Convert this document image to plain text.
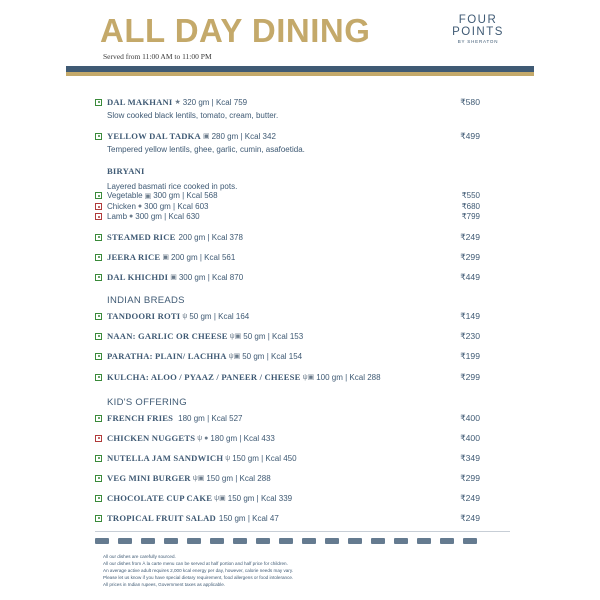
ALL DAY DINING
Served from 11:00 AM to 11:00 PM
FOUR
POINTS
BY SHERATON
DAL MAKHANI ★ 320 gm | Kcal 759
Slow cooked black lentils, tomato, cream, butter.
₹580
YELLOW DAL TADKA ▣ 280 gm | Kcal 342
Tempered yellow lentils, ghee, garlic, cumin, asafoetida.
₹499
BIRYANI
Layered basmati rice cooked in pots.
Vegetable ▣ 300 gm | Kcal 568	₹550
Chicken ● 300 gm | Kcal 603	₹680
Lamb ● 300 gm | Kcal 630	₹799
STEAMED RICE 200 gm | Kcal 378	₹249
JEERA RICE ▣ 200 gm | Kcal 561	₹299
DAL KHICHDI ▣ 300 gm | Kcal 870	₹449
INDIAN BREADS
TANDOORI ROTI ψ 50 gm | Kcal 164	₹149
NAAN: GARLIC OR CHEESE ψ▣ 50 gm | Kcal 153	₹230
PARATHA: PLAIN/ LACHHA ψ▣ 50 gm | Kcal 154	₹199
KULCHA: ALOO / PYAAZ / PANEER / CHEESE ψ▣ 100 gm | Kcal 288	₹299
KID'S OFFERING
FRENCH FRIES 180 gm | Kcal 527	₹400
CHICKEN NUGGETS ψ ● 180 gm | Kcal 433	₹400
NUTELLA JAM SANDWICH ψ 150 gm | Kcal 450	₹349
VEG MINI BURGER ψ▣ 150 gm | Kcal 288	₹299
CHOCOLATE CUP CAKE ψ▣ 150 gm | Kcal 339	₹249
TROPICAL FRUIT SALAD 150 gm | Kcal 47	₹249
All our dishes are carefully sourced.
All our dishes from À la carte menu can be served at half portion and half price for children.
An average active adult requires 2,000 kcal energy per day, however, calorie needs may vary.
Please let us know if you have special dietary requirement, food allergens or food intolerance.
All prices in Indian rupees, Government taxes as applicable.
